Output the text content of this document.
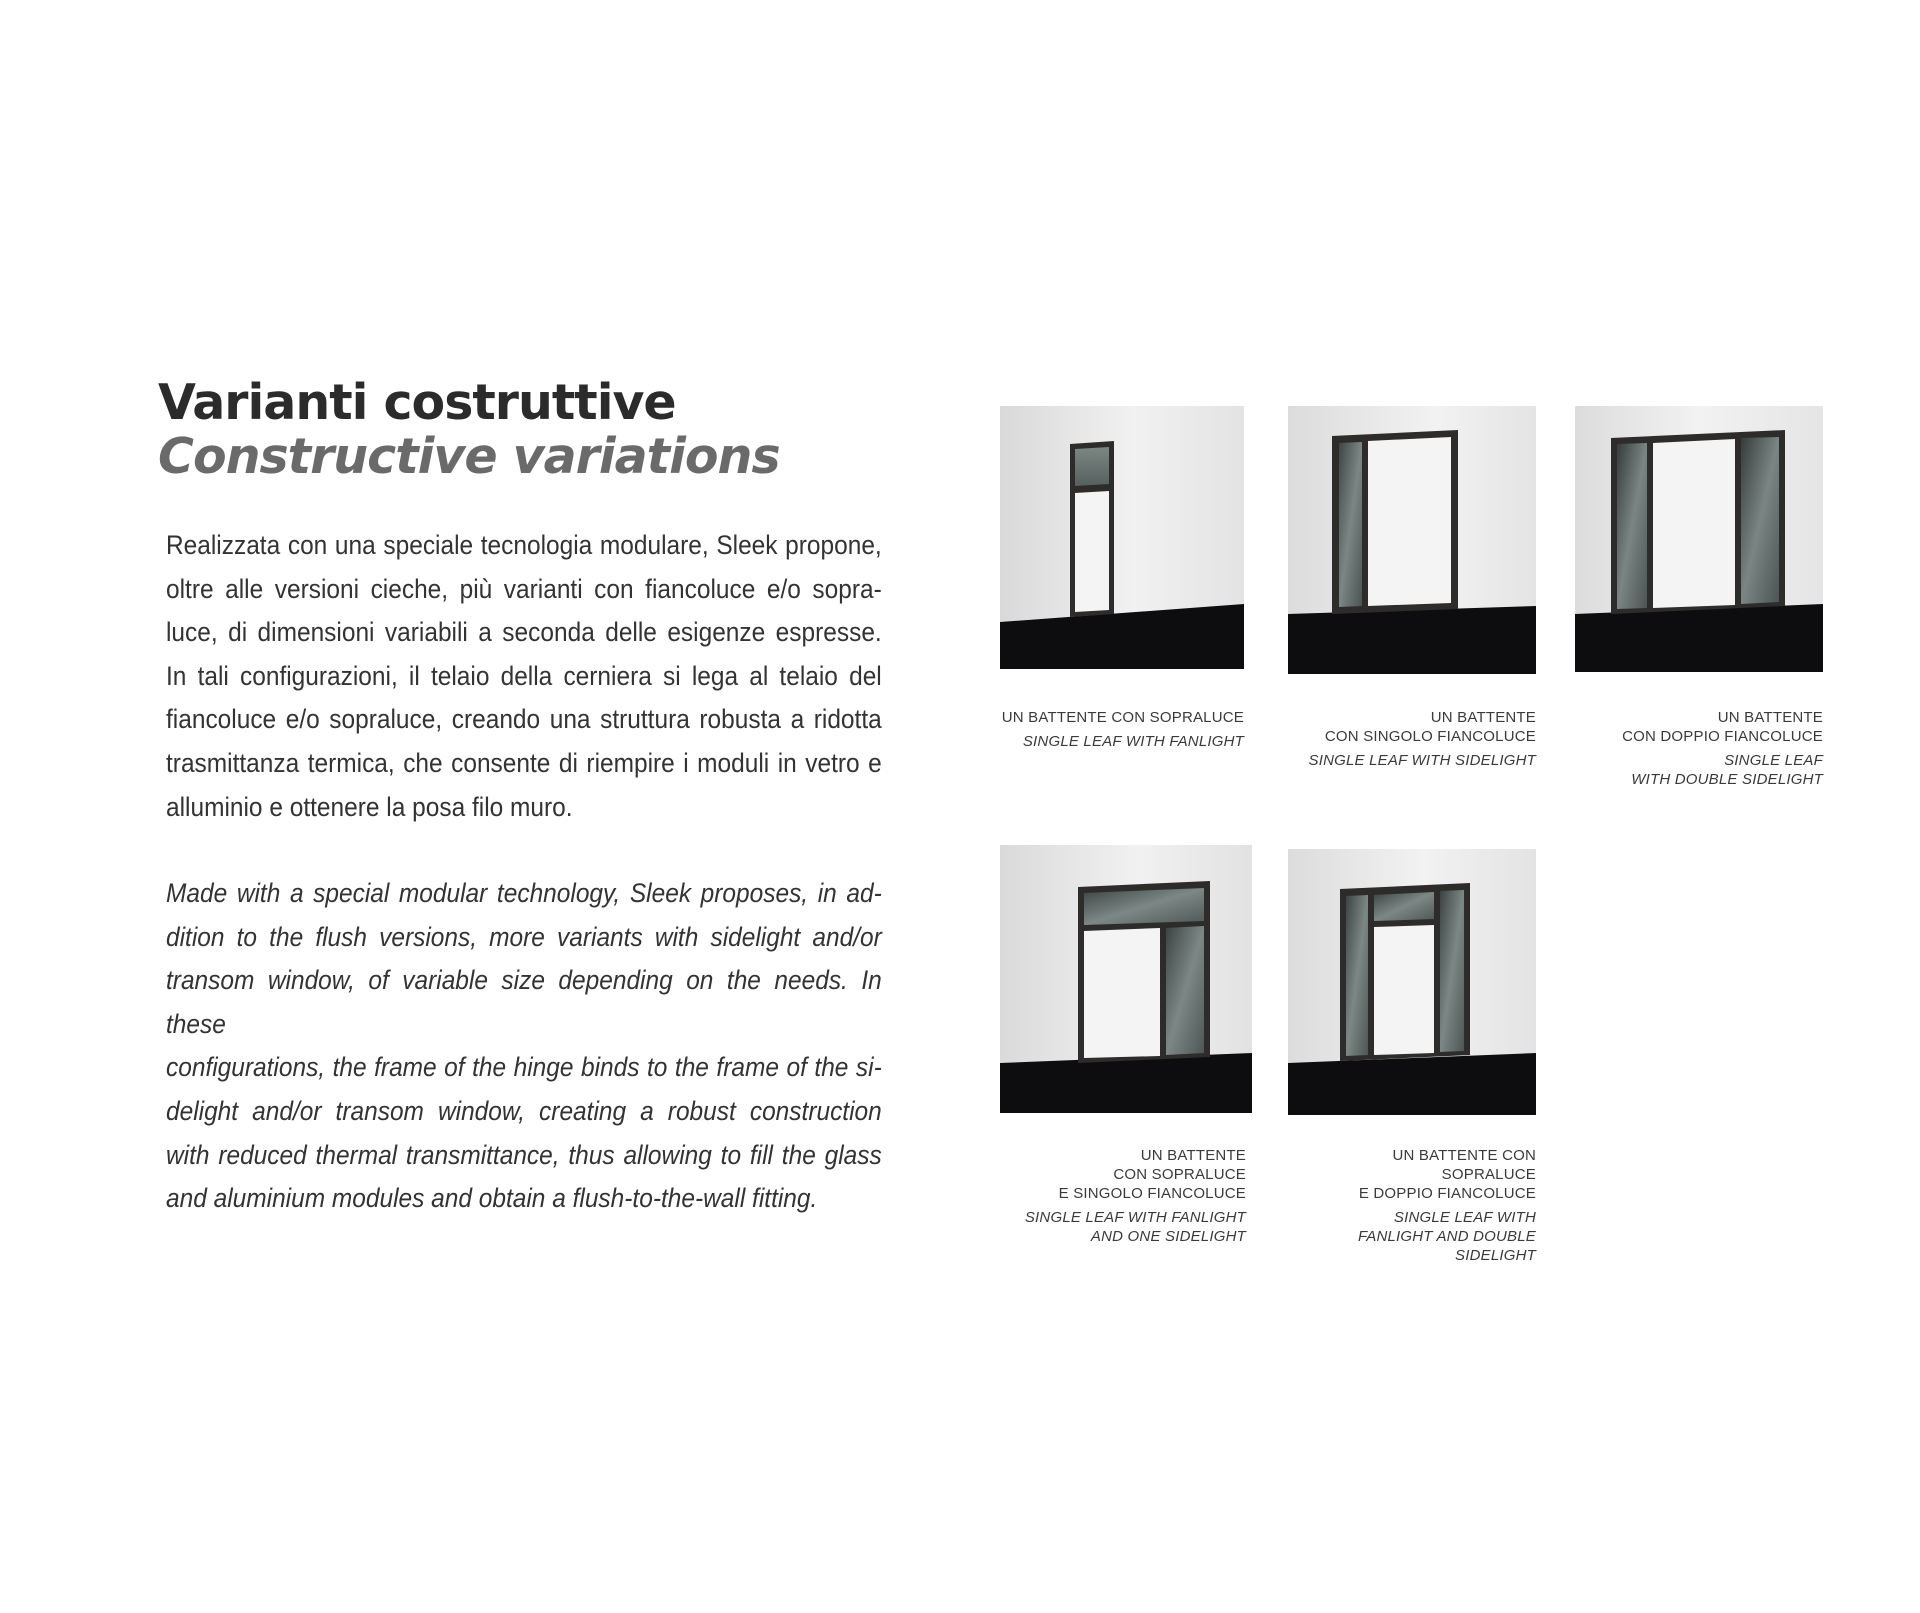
Varianti costruttive
Constructive variations
Realizzata con una speciale tecnologia modulare, Sleek propone,
oltre alle versioni cieche, più varianti con fiancoluce e/o sopra-
luce, di dimensioni variabili a seconda delle esigenze espresse.
In tali configurazioni, il telaio della cerniera si lega al telaio del
fiancoluce e/o sopraluce, creando una struttura robusta a ridotta
trasmittanza termica, che consente di riempire i moduli in vetro e
alluminio e ottenere la posa filo muro.
Made with a special modular technology, Sleek proposes, in ad-
dition to the flush versions, more variants with sidelight and/or
transom window, of variable size depending on the needs. In these
configurations, the frame of the hinge binds to the frame of the si-
delight and/or transom window, creating a robust construction
with reduced thermal transmittance, thus allowing to fill the glass
and aluminium modules and obtain a flush-to-the-wall fitting.
UN BATTENTE CON SOPRALUCE
SINGLE LEAF WITH FANLIGHT
UN BATTENTE
CON SINGOLO FIANCOLUCE
SINGLE LEAF WITH SIDELIGHT
UN BATTENTE
CON DOPPIO FIANCOLUCE
SINGLE LEAF
WITH DOUBLE SIDELIGHT
UN BATTENTE
CON SOPRALUCE
E SINGOLO FIANCOLUCE
SINGLE LEAF WITH FANLIGHT
AND ONE SIDELIGHT
UN BATTENTE CON
SOPRALUCE
E DOPPIO FIANCOLUCE
SINGLE LEAF WITH
FANLIGHT AND DOUBLE
SIDELIGHT
